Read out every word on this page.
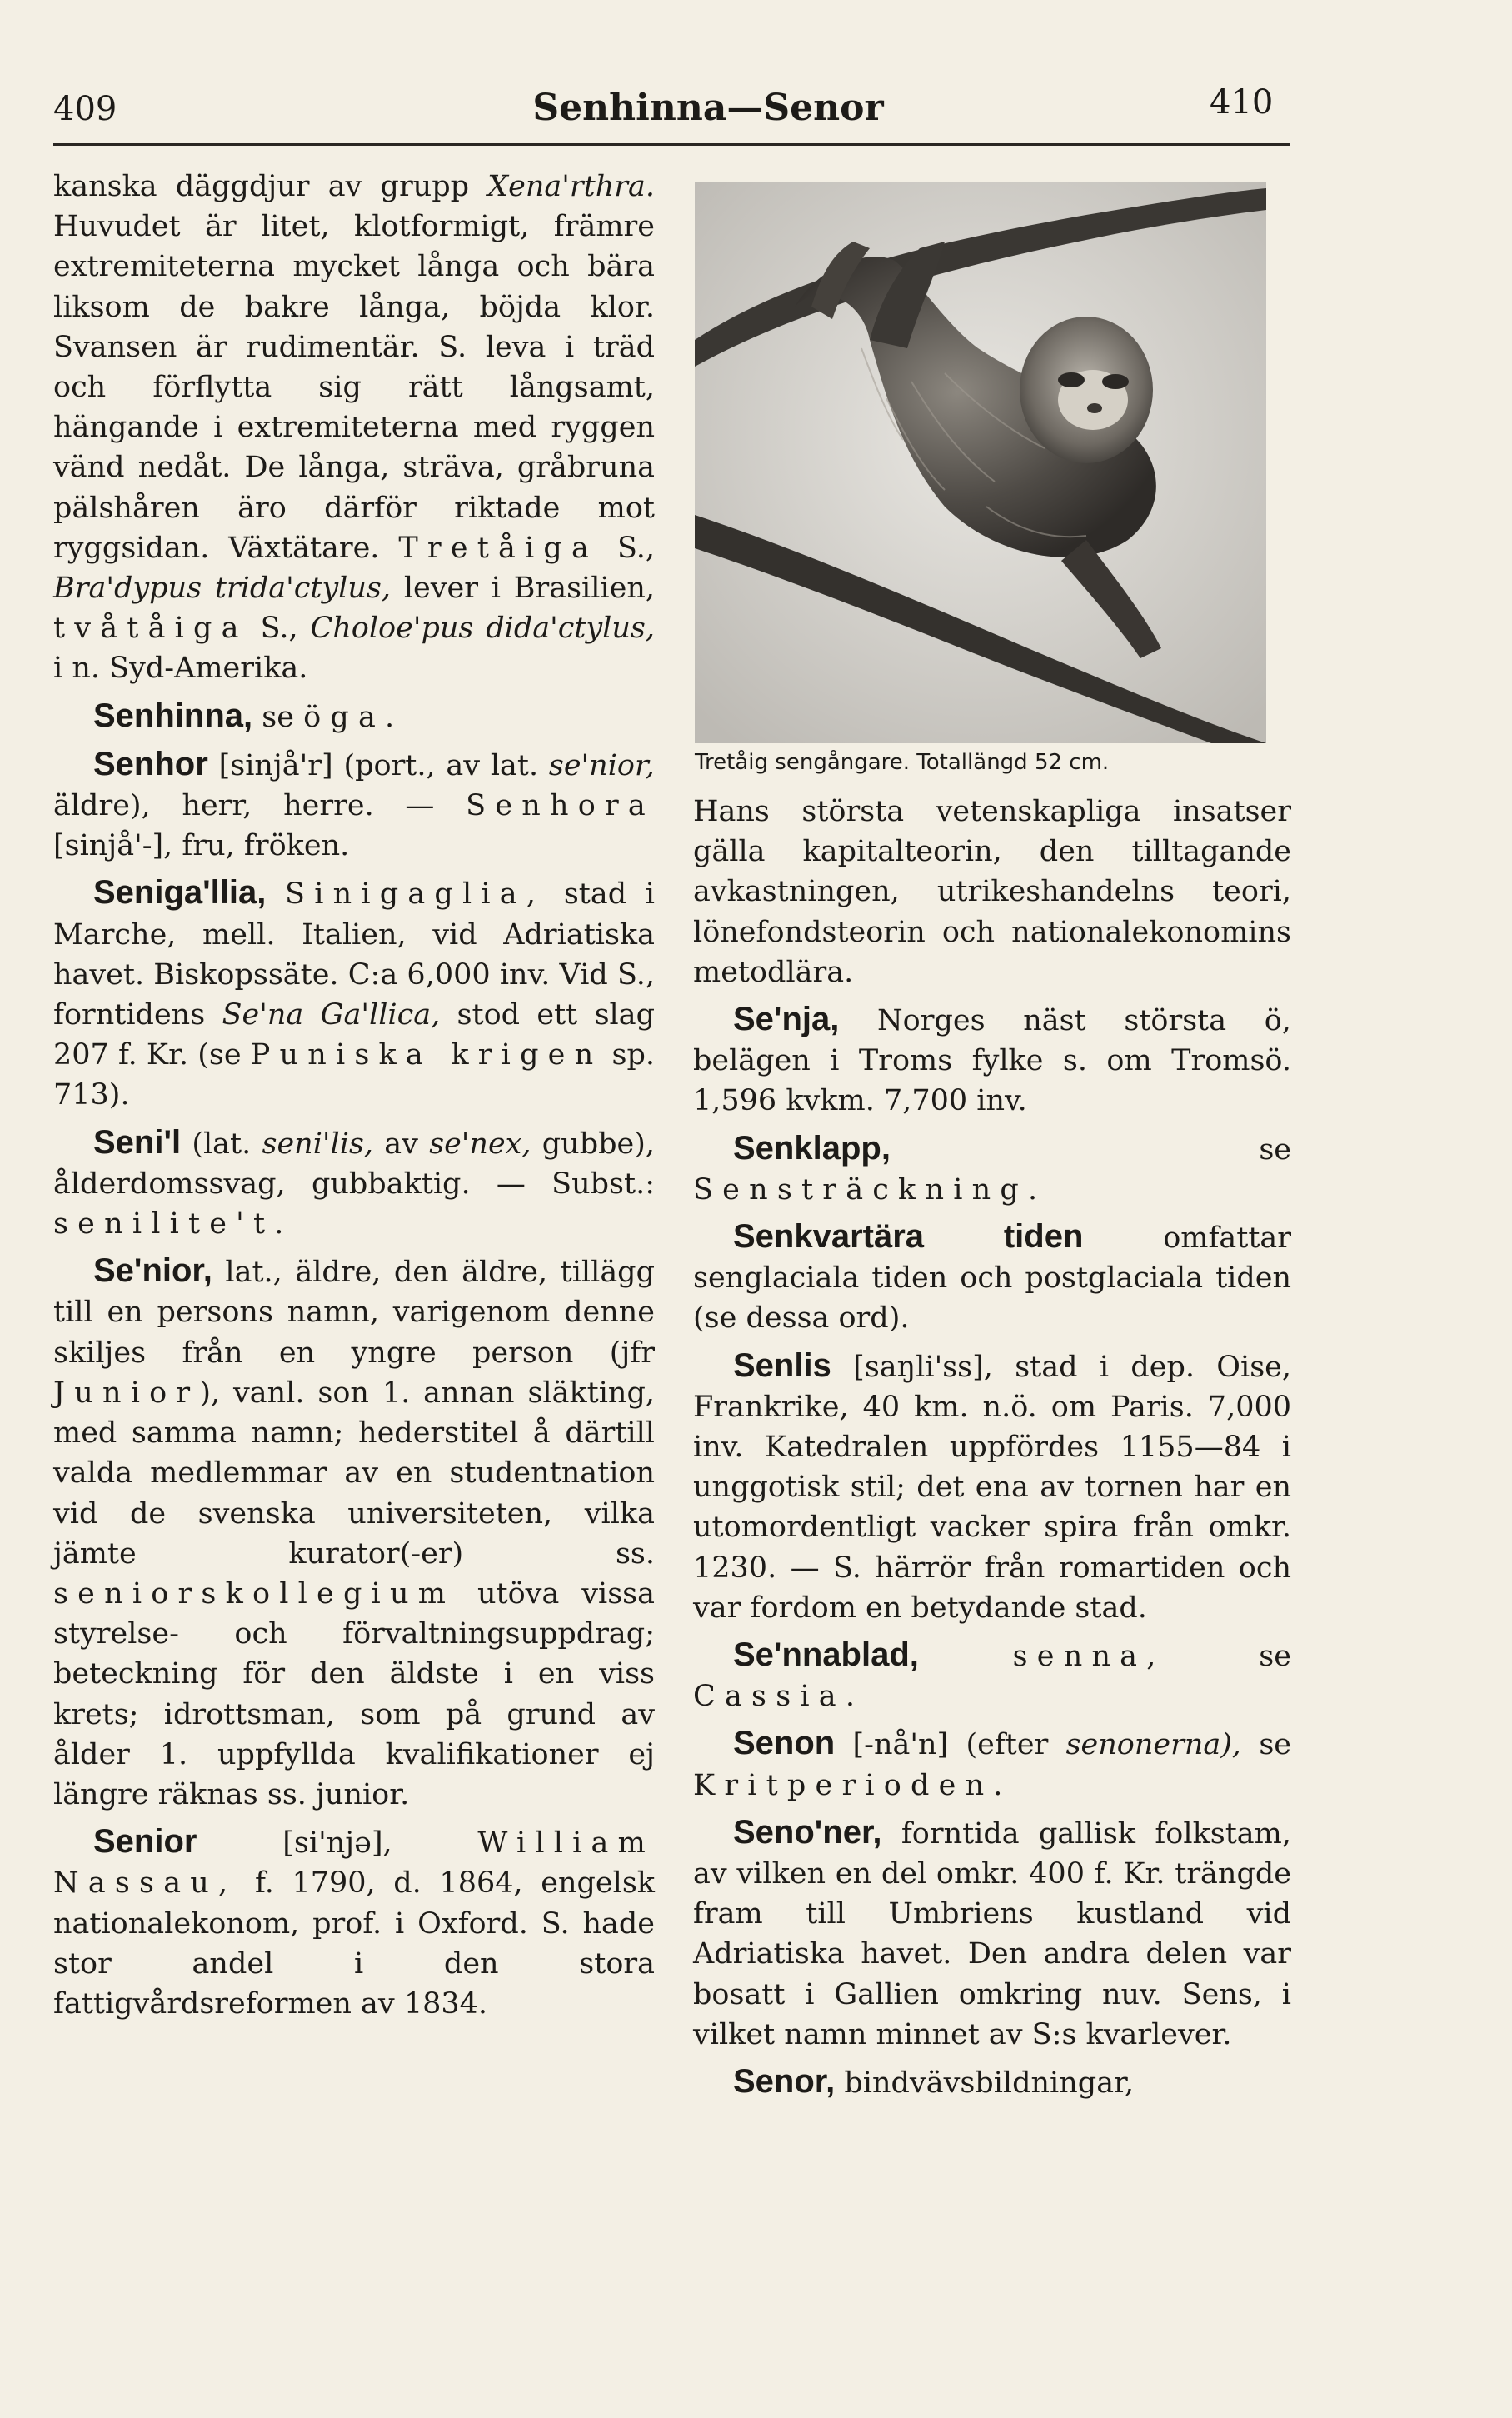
409	Senhinna—Senor	410

kanska däggdjur av grupp Xena'rthra. Huvudet är litet, klotformigt, främre extremiteterna mycket långa och bära liksom de bakre långa, böjda klor. Svansen är rudimentär. S. leva i träd och förflytta sig rätt långsamt, hängande i extremiteterna med ryggen vänd nedåt. De långa, sträva, gråbruna pälshåren äro därför riktade mot ryggsidan. Växtätare. Tretåiga S., Bra'dypus trida'ctylus, lever i Brasilien, tvåtåiga S., Choloe'pus dida'ctylus, i n. Syd-Amerika.

Senhinna, se öga.

Senhor [sinjå'r] (port., av lat. se'nior, äldre), herr, herre. — Senhora [sinjå'-], fru, fröken.

Seniga'llia, Sinigaglia, stad i Marche, mell. Italien, vid Adriatiska havet. Biskopssäte. C:a 6,000 inv. Vid S., forntidens Se'na Ga'llica, stod ett slag 207 f. Kr. (se Puniska krigen sp. 713).

Seni'l (lat. seni'lis, av se'nex, gubbe), ålderdomssvag, gubbaktig. — Subst.: senilite't.

Se'nior, lat., äldre, den äldre, tillägg till en persons namn, varigenom denne skiljes från en yngre person (jfr Junior), vanl. son 1. annan släkting, med samma namn; hederstitel å därtill valda medlemmar av en studentnation vid de svenska universiteten, vilka jämte kurator(-er) ss. seniorskollegium utöva vissa styrelse- och förvaltningsuppdrag; beteckning för den äldste i en viss krets; idrottsman, som på grund av ålder 1. uppfyllda kvalifikationer ej längre räknas ss. junior.

Senior [si'njə], William Nassau, f. 1790, d. 1864, engelsk nationalekonom, prof. i Oxford. S. hade stor andel i den stora fattigvårdsreformen av 1834.

Tretåig sengångare. Totallängd 52 cm.

Hans största vetenskapliga insatser gälla kapitalteorin, den tilltagande avkastningen, utrikeshandelns teori, lönefondsteorin och nationalekonomins metodlära.

Se'nja, Norges näst största ö, belägen i Troms fylke s. om Tromsö. 1,596 kvkm. 7,700 inv.

Senklapp, se Sensträckning.

Senkvartära tiden omfattar senglaciala tiden och postglaciala tiden (se dessa ord).

Senlis [saŋli'ss], stad i dep. Oise, Frankrike, 40 km. n.ö. om Paris. 7,000 inv. Katedralen uppfördes 1155—84 i unggotisk stil; det ena av tornen har en utomordentligt vacker spira från omkr. 1230. — S. härrör från romartiden och var fordom en betydande stad.

Se'nnablad,	senna, se Cassia.

Senon [-nå'n] (efter senonerna), se Kritperioden.

Seno'ner, forntida gallisk folkstam, av vilken en del omkr. 400 f. Kr. trängde fram till Umbriens kustland vid Adriatiska havet. Den andra delen var bosatt i Gallien omkring nuv. Sens, i vilket namn minnet av S:s kvarlever.

Senor, bindvävsbildningar,
